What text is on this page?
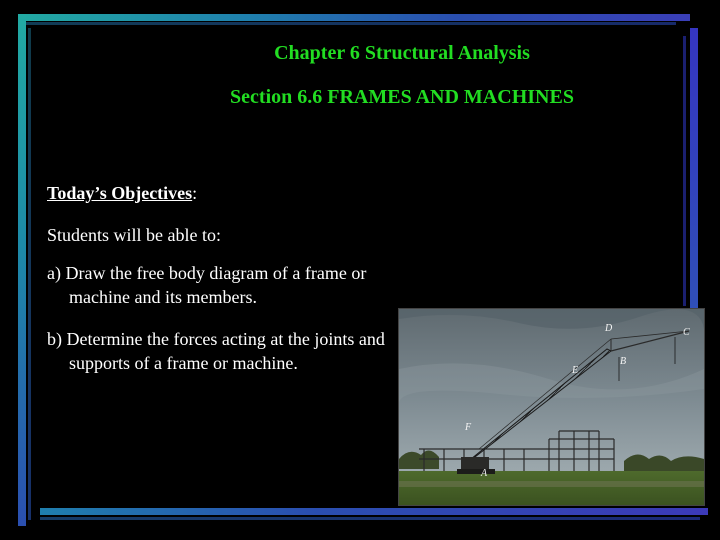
Chapter 6 Structural Analysis
Section 6.6 FRAMES AND MACHINES

Today’s Objectives:

Students will be able to:

a) Draw the free body diagram of a frame or machine and its members.
b) Determine the forces acting at the joints and supports of a frame or machine.
D	C
B
E
F
A
